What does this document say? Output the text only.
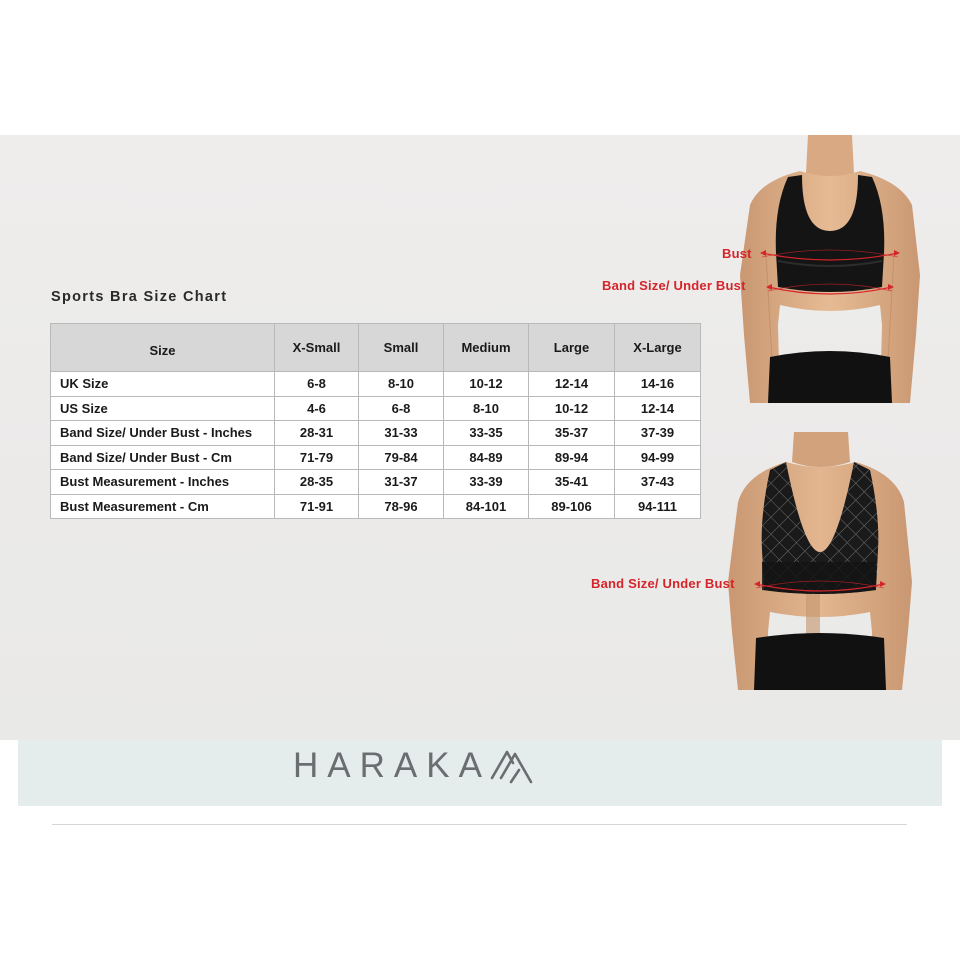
Sports Bra Size Chart
Size	X-Small	Small	Medium	Large	X-Large
UK Size	6-8	8-10	10-12	12-14	14-16
US Size	4-6	6-8	8-10	10-12	12-14
Band Size/ Under Bust - Inches	28-31	31-33	33-35	35-37	37-39
Band Size/ Under Bust - Cm	71-79	79-84	84-89	89-94	94-99
Bust Measurement - Inches	28-35	31-37	33-39	35-41	37-43
Bust Measurement - Cm	71-91	78-96	84-101	89-106	94-111
Bust
Band Size/ Under Bust
Band Size/ Under Bust
HARAKA
